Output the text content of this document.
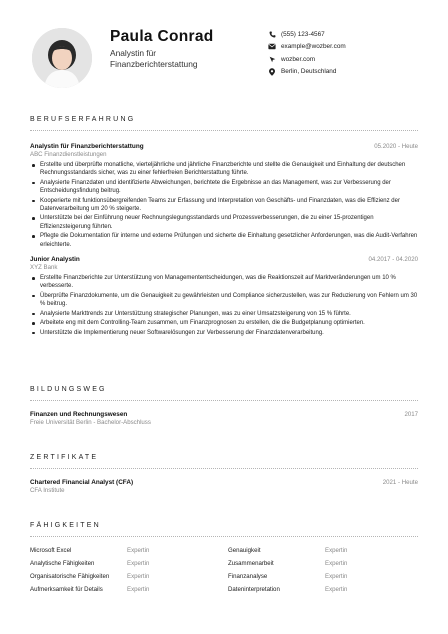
Paula Conrad
Analystin für Finanzberichterstattung
(555) 123-4567
example@wozber.com
wozber.com
Berlin, Deutschland
BERUFSERFAHRUNG
Analystin für Finanzberichterstattung
ABC Finanzdienstleistungen
05.2020 - Heute
Erstellte und überprüfte monatliche, vierteljährliche und jährliche Finanzberichte und stellte die Genauigkeit und Einhaltung der deutschen Rechnungsstandards sicher, was zu einer fehlerfreien Berichterstattung führte.
Analysierte Finanzdaten und identifizierte Abweichungen, berichtete die Ergebnisse an das Management, was zur Verbesserung der Entscheidungsfindung beitrug.
Kooperierte mit funktionsübergreifenden Teams zur Erfassung und Interpretation von Geschäfts- und Finanzdaten, was die Effizienz der Datenverarbeitung um 20 % steigerte.
Unterstützte bei der Einführung neuer Rechnungslegungsstandards und Prozessverbesserungen, die zu einer 15-prozentigen Effizienzsteigerung führten.
Pflegte die Dokumentation für interne und externe Prüfungen und sicherte die Einhaltung gesetzlicher Anforderungen, was die Audit-Verfahren erleichterte.
Junior Analystin
XYZ Bank
04.2017 - 04.2020
Erstellte Finanzberichte zur Unterstützung von Managemententscheidungen, was die Reaktionszeit auf Marktveränderungen um 10 % verbesserte.
Überprüfte Finanzdokumente, um die Genauigkeit zu gewährleisten und Compliance sicherzustellen, was zur Reduzierung von Fehlern um 30 % beitrug.
Analysierte Markttrends zur Unterstützung strategischer Planungen, was zu einer Umsatzsteigerung von 15 % führte.
Arbeitete eng mit dem Controlling-Team zusammen, um Finanzprognosen zu erstellen, die die Budgetplanung optimierten.
Unterstützte die Implementierung neuer Softwarelösungen zur Verbesserung der Finanzdatenverarbeitung.
BILDUNGSWEG
Finanzen und Rechnungswesen
Freie Universität Berlin - Bachelor-Abschluss
2017
ZERTIFIKATE
Chartered Financial Analyst (CFA)
CFA Institute
2021 - Heute
FÄHIGKEITEN
Microsoft Excel	Expertin	Genauigkeit	Expertin
Analytische Fähigkeiten	Expertin	Zusammenarbeit	Expertin
Organisatorische Fähigkeiten	Expertin	Finanzanalyse	Expertin
Aufmerksamkeit für Details	Expertin	Dateninterpretation	Expertin
